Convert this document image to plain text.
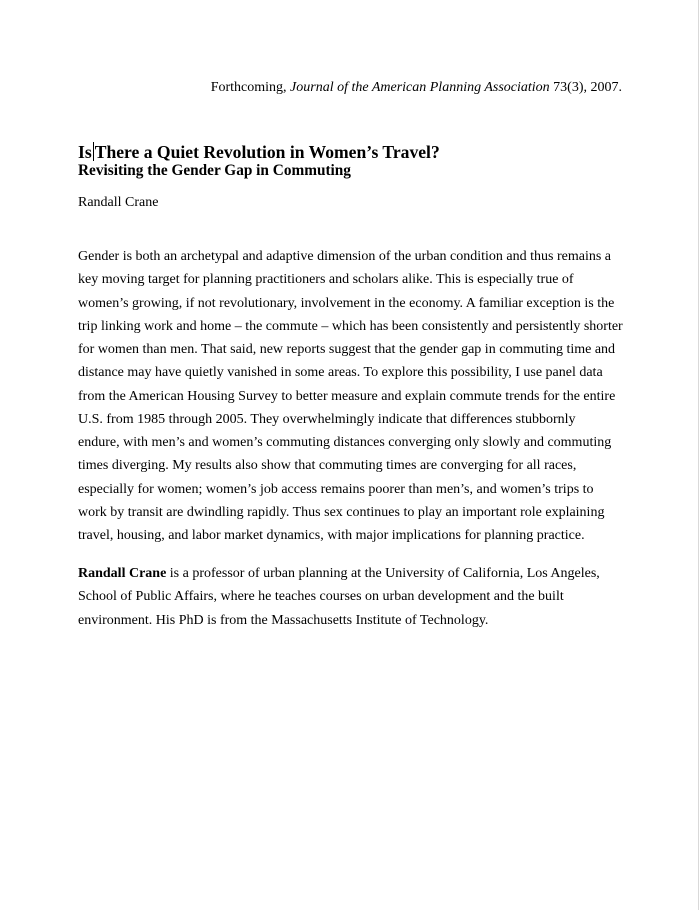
Forthcoming, Journal of the American Planning Association 73(3), 2007.
Is There a Quiet Revolution in Women’s Travel?
Revisiting the Gender Gap in Commuting
Randall Crane
Gender is both an archetypal and adaptive dimension of the urban condition and thus remains a
key moving target for planning practitioners and scholars alike. This is especially true of
women’s growing, if not revolutionary, involvement in the economy. A familiar exception is the
trip linking work and home – the commute – which has been consistently and persistently shorter
for women than men. That said, new reports suggest that the gender gap in commuting time and
distance may have quietly vanished in some areas. To explore this possibility, I use panel data
from the American Housing Survey to better measure and explain commute trends for the entire
U.S. from 1985 through 2005. They overwhelmingly indicate that differences stubbornly
endure, with men’s and women’s commuting distances converging only slowly and commuting
times diverging. My results also show that commuting times are converging for all races,
especially for women; women’s job access remains poorer than men’s, and women’s trips to
work by transit are dwindling rapidly. Thus sex continues to play an important role explaining
travel, housing, and labor market dynamics, with major implications for planning practice.
Randall Crane is a professor of urban planning at the University of California, Los Angeles,
School of Public Affairs, where he teaches courses on urban development and the built
environment. His PhD is from the Massachusetts Institute of Technology.
